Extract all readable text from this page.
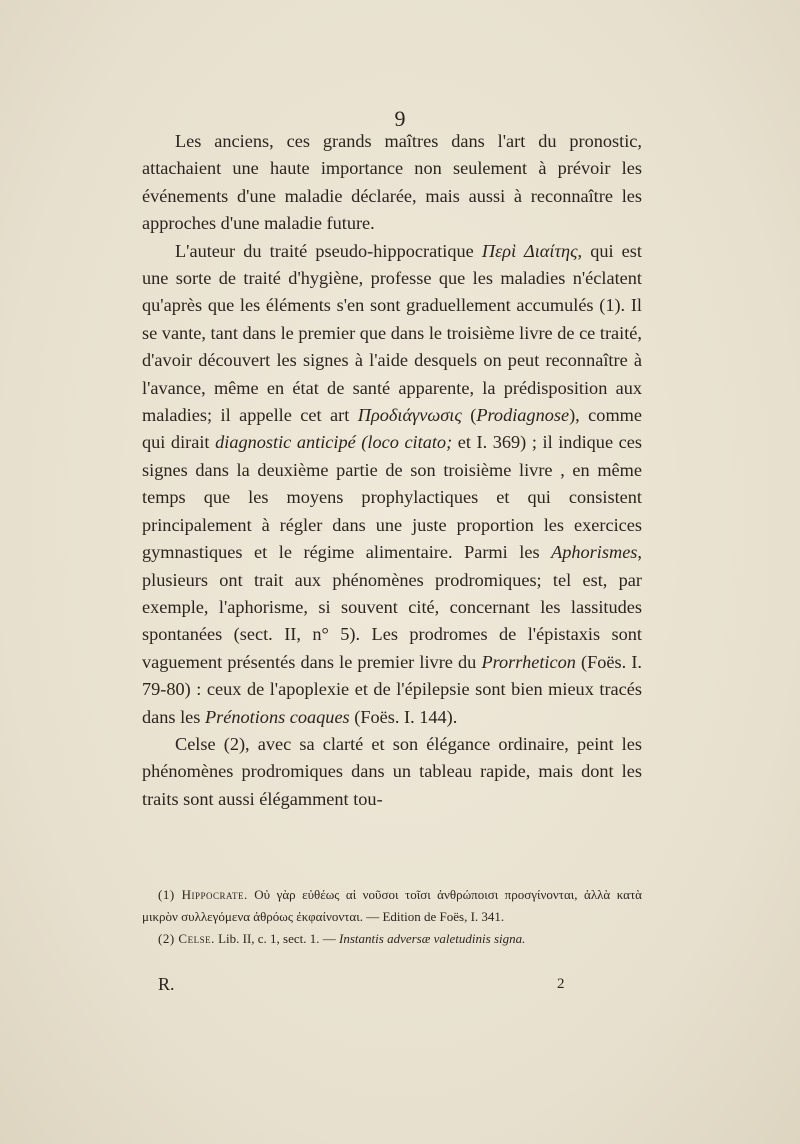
9

Les anciens, ces grands maîtres dans l'art du pronostic, attachaient une haute importance non seulement à prévoir les événements d'une maladie déclarée, mais aussi à reconnaître les approches d'une maladie future.

L'auteur du traité pseudo-hippocratique Περὶ Διαίτης, qui est une sorte de traité d'hygiène, professe que les maladies n'éclatent qu'après que les éléments s'en sont graduellement accumulés (1). Il se vante, tant dans le premier que dans le troisième livre de ce traité, d'avoir découvert les signes à l'aide desquels on peut reconnaître à l'avance, même en état de santé apparente, la prédisposition aux maladies; il appelle cet art Προδιάγνωσις (Prodiagnose), comme qui dirait diagnostic anticipé (loco citato; et I. 369) ; il indique ces signes dans la deuxième partie de son troisième livre , en même temps que les moyens prophylactiques et qui consistent principalement à régler dans une juste proportion les exercices gymnastiques et le régime alimentaire. Parmi les Aphorismes, plusieurs ont trait aux phénomènes prodromiques; tel est, par exemple, l'aphorisme, si souvent cité, concernant les lassitudes spontanées (sect. II, n° 5). Les prodromes de l'épistaxis sont vaguement présentés dans le premier livre du Prorrheticon (Foës. I. 79-80) : ceux de l'apoplexie et de l'épilepsie sont bien mieux tracés dans les Prénotions coaques (Foës. I. 144).

Celse (2), avec sa clarté et son élégance ordinaire, peint les phénomènes prodromiques dans un tableau rapide, mais dont les traits sont aussi élégamment tou-

(1) Hippocrate. Οὐ γὰρ εὐθέως αἱ νοῦσοι τοῖσι ἀνθρώποισι προσγίνονται, ἀλλὰ κατὰ μικρὸν συλλεγόμενα ἀθρόως ἐκφαίνονται. — Edition de Foës, I. 341.

(2) Celse. Lib. II, c. 1, sect. 1. — Instantis adversæ valetudinis signa.

R.	2
